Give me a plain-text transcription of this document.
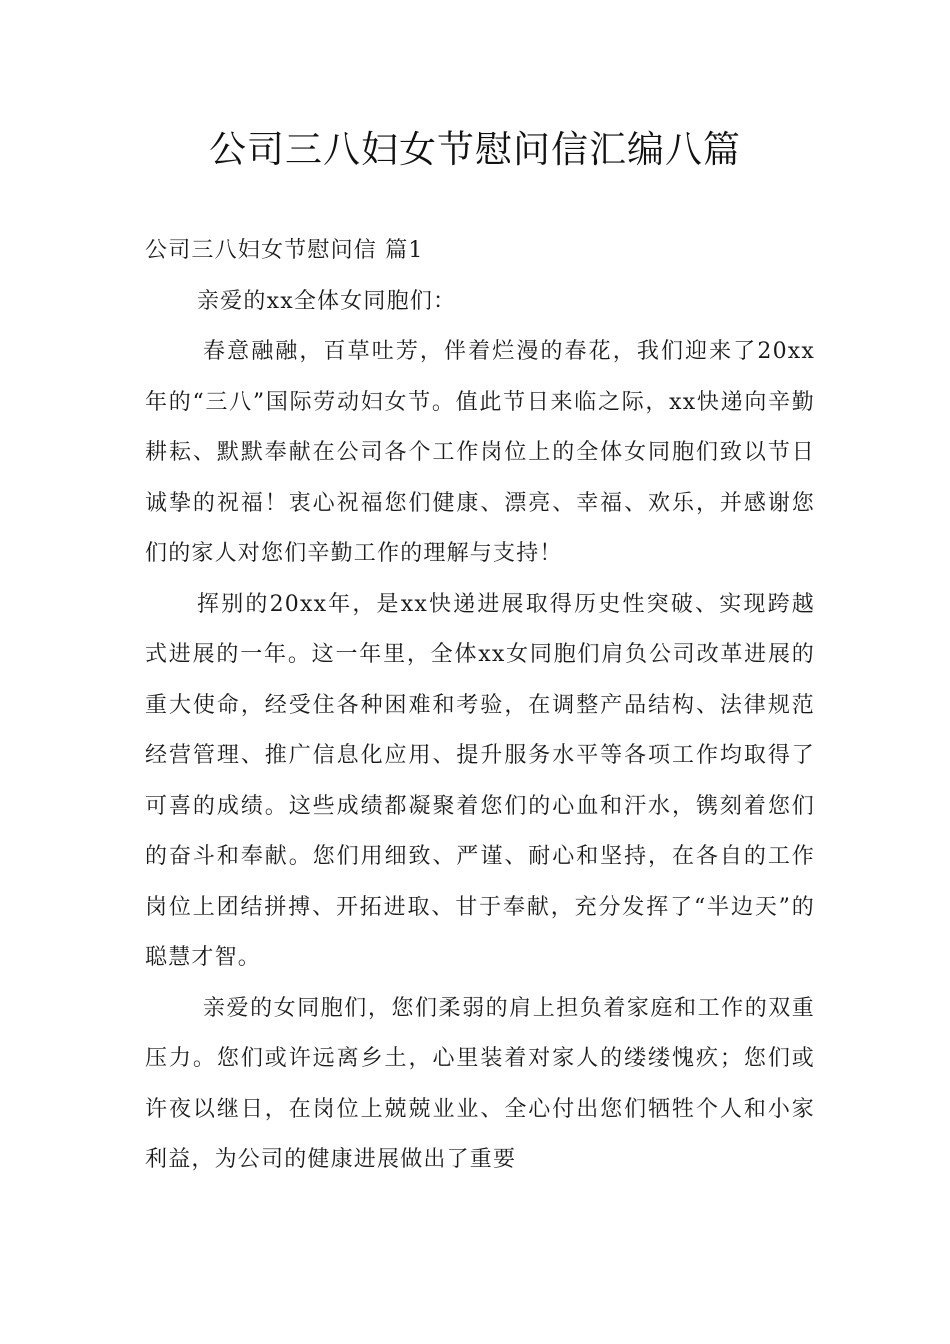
公司三八妇女节慰问信汇编八篇

公司三八妇女节慰问信 篇1

亲爱的xx全体女同胞们：

春意融融，百草吐芳，伴着烂漫的春花，我们迎来了20xx年的“三八”国际劳动妇女节。值此节日来临之际，xx快递向辛勤耕耘、默默奉献在公司各个工作岗位上的全体女同胞们致以节日诚挚的祝福！衷心祝福您们健康、漂亮、幸福、欢乐，并感谢您们的家人对您们辛勤工作的理解与支持！

挥别的20xx年，是xx快递进展取得历史性突破、实现跨越式进展的一年。这一年里，全体xx女同胞们肩负公司改革进展的重大使命，经受住各种困难和考验，在调整产品结构、法律规范经营管理、推广信息化应用、提升服务水平等各项工作均取得了可喜的成绩。这些成绩都凝聚着您们的心血和汗水，镌刻着您们的奋斗和奉献。您们用细致、严谨、耐心和坚持，在各自的工作岗位上团结拼搏、开拓进取、甘于奉献，充分发挥了“半边天”的聪慧才智。

亲爱的女同胞们，您们柔弱的肩上担负着家庭和工作的双重压力。您们或许远离乡土，心里装着对家人的缕缕愧疚；您们或许夜以继日，在岗位上兢兢业业、全心付出您们牺牲个人和小家利益，为公司的健康进展做出了重要
